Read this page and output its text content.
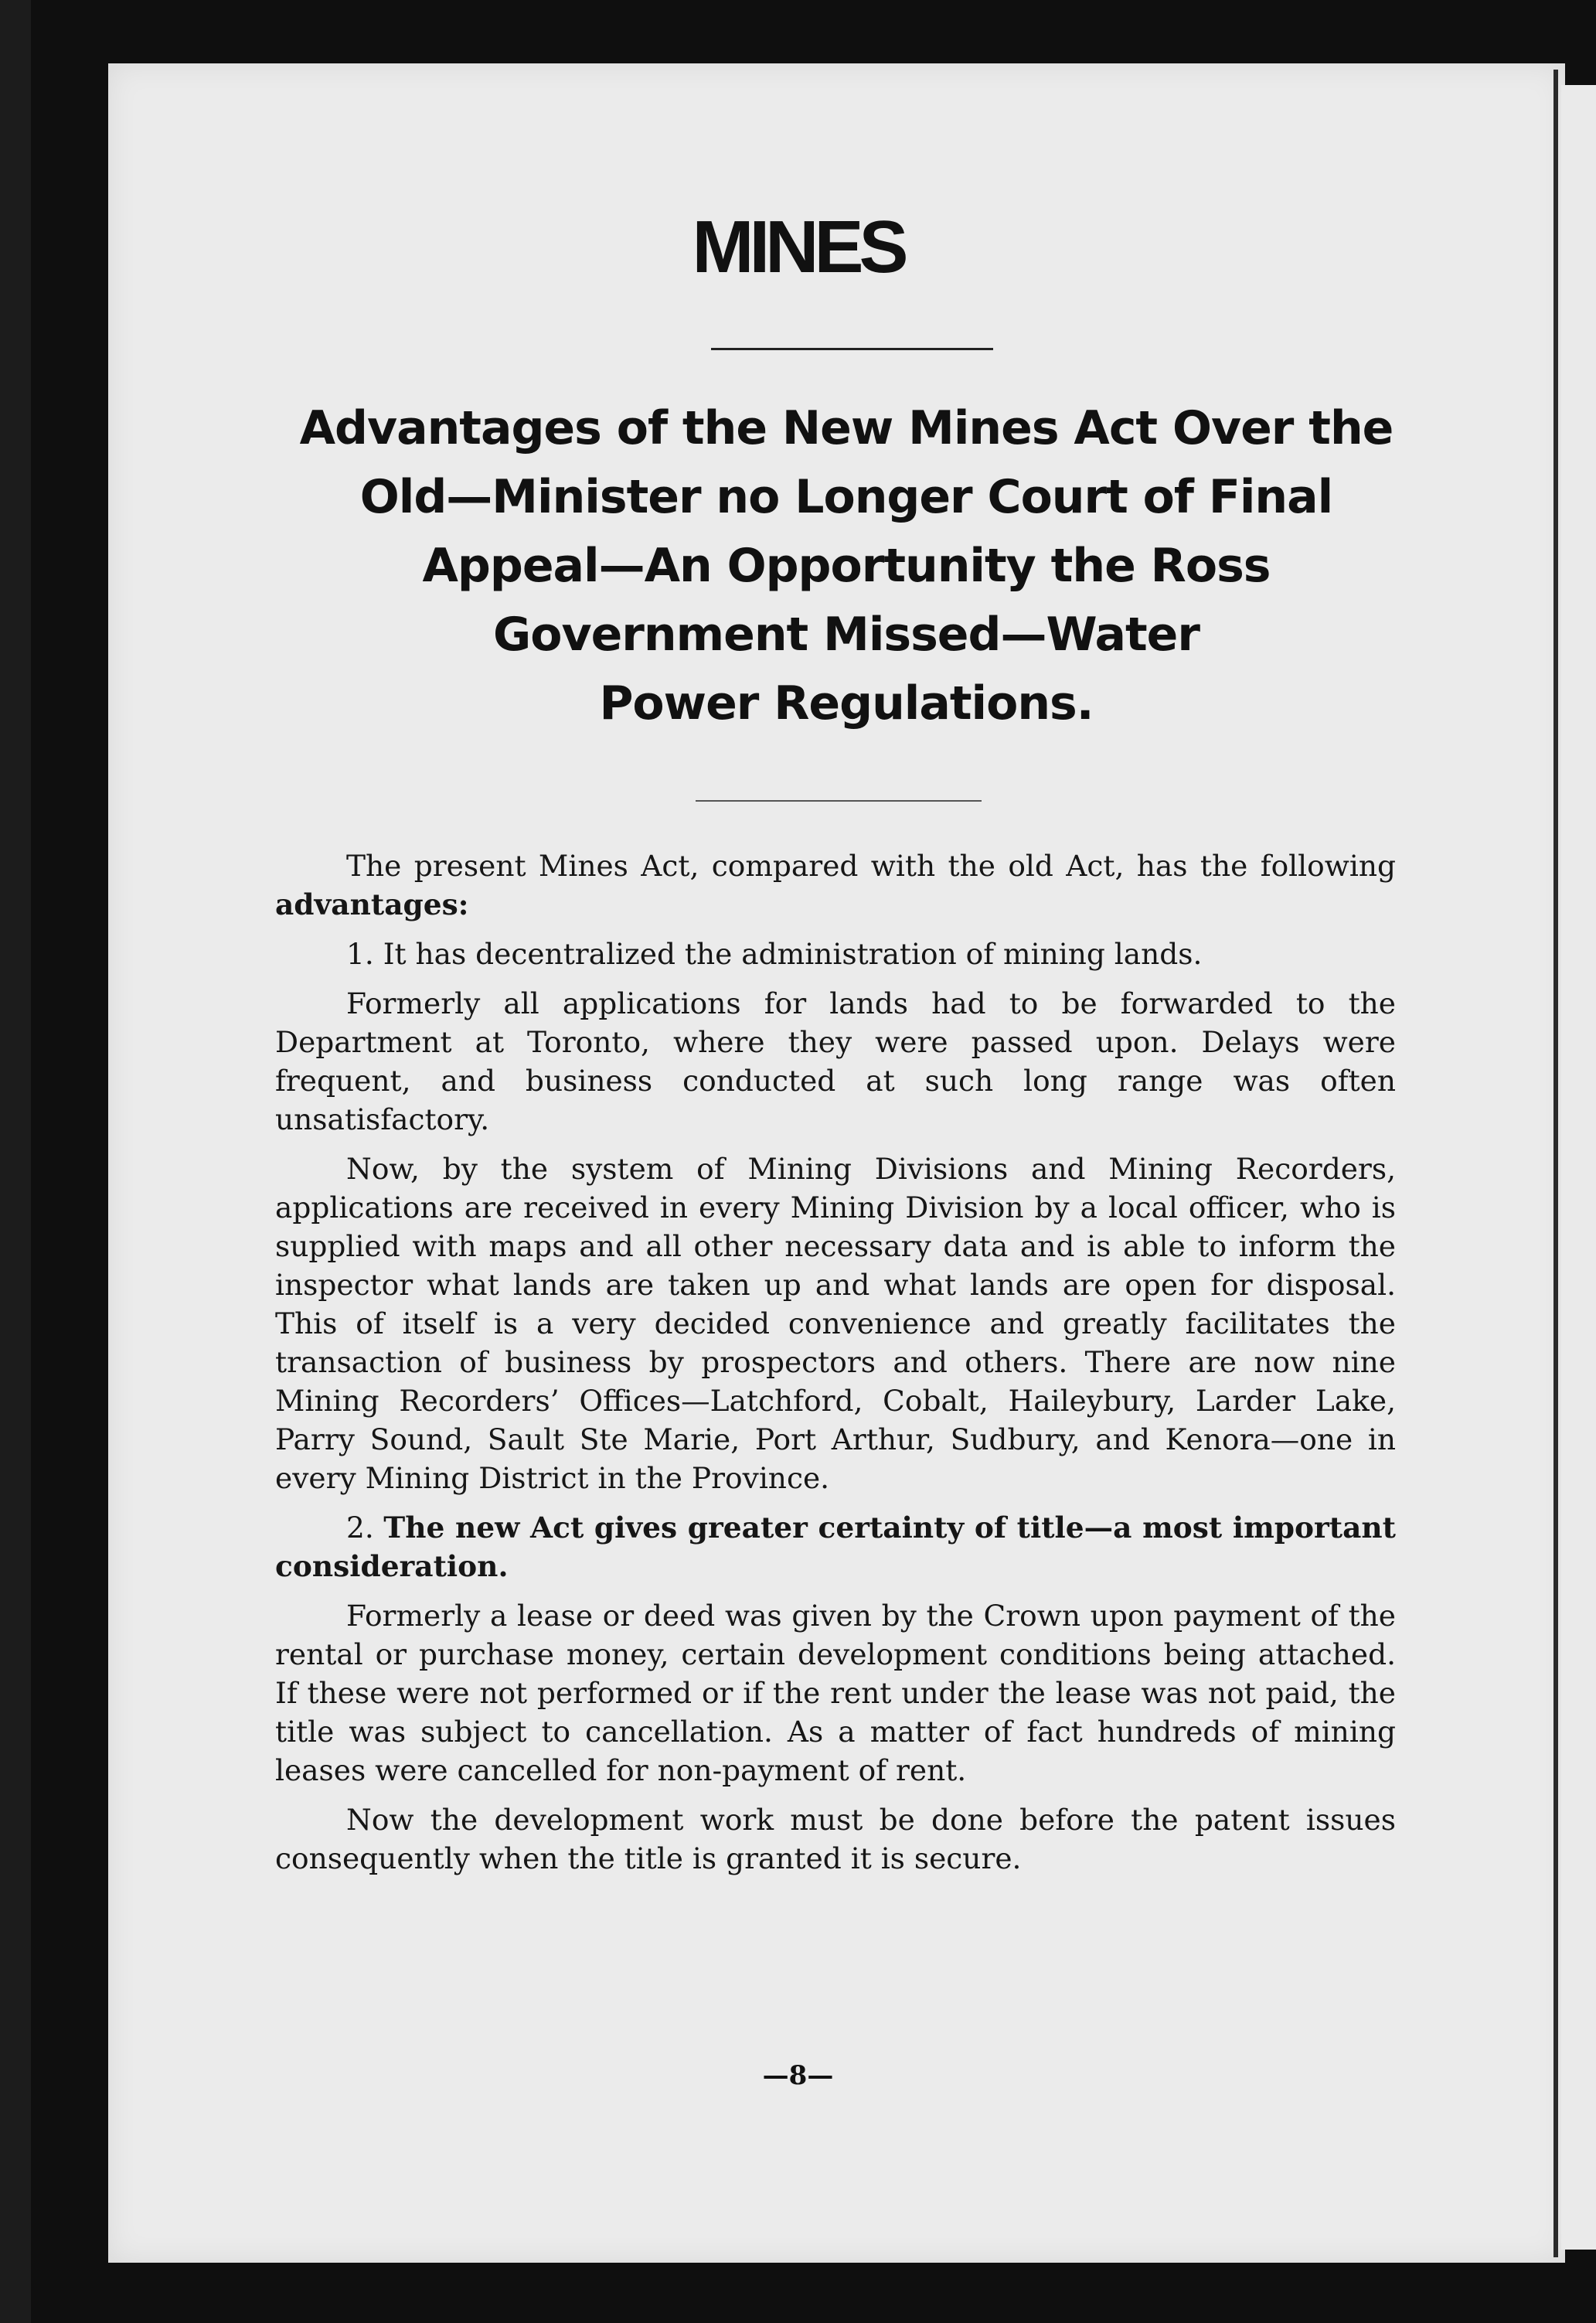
MINES
Advantages of the New Mines Act Over the
Old—Minister no Longer Court of Final
Appeal—An Opportunity the Ross
Government Missed—Water
Power Regulations.

The present Mines Act, compared with the old Act, has the following advantages:

1. It has decentralized the administration of mining lands.

Formerly all applications for lands had to be forwarded to the Department at Toronto, where they were passed upon. Delays were frequent, and business conducted at such long range was often unsatisfactory.

Now, by the system of Mining Divisions and Mining Recorders, applications are received in every Mining Division by a local officer, who is supplied with maps and all other necessary data and is able to inform the inspector what lands are taken up and what lands are open for disposal. This of itself is a very decided convenience and greatly facilitates the transaction of business by prospectors and others. There are now nine Mining Recorders’ Offices—Latchford, Cobalt, Haileybury, Larder Lake, Parry Sound, Sault Ste Marie, Port Arthur, Sudbury, and Kenora—one in every Mining District in the Province.

2. The new Act gives greater certainty of title—a most important consideration.

Formerly a lease or deed was given by the Crown upon payment of the rental or purchase money, certain development conditions being attached. If these were not performed or if the rent under the lease was not paid, the title was subject to cancellation. As a matter of fact hundreds of mining leases were cancelled for non-payment of rent.

Now the development work must be done before the patent issues consequently when the title is granted it is secure.

—8—
